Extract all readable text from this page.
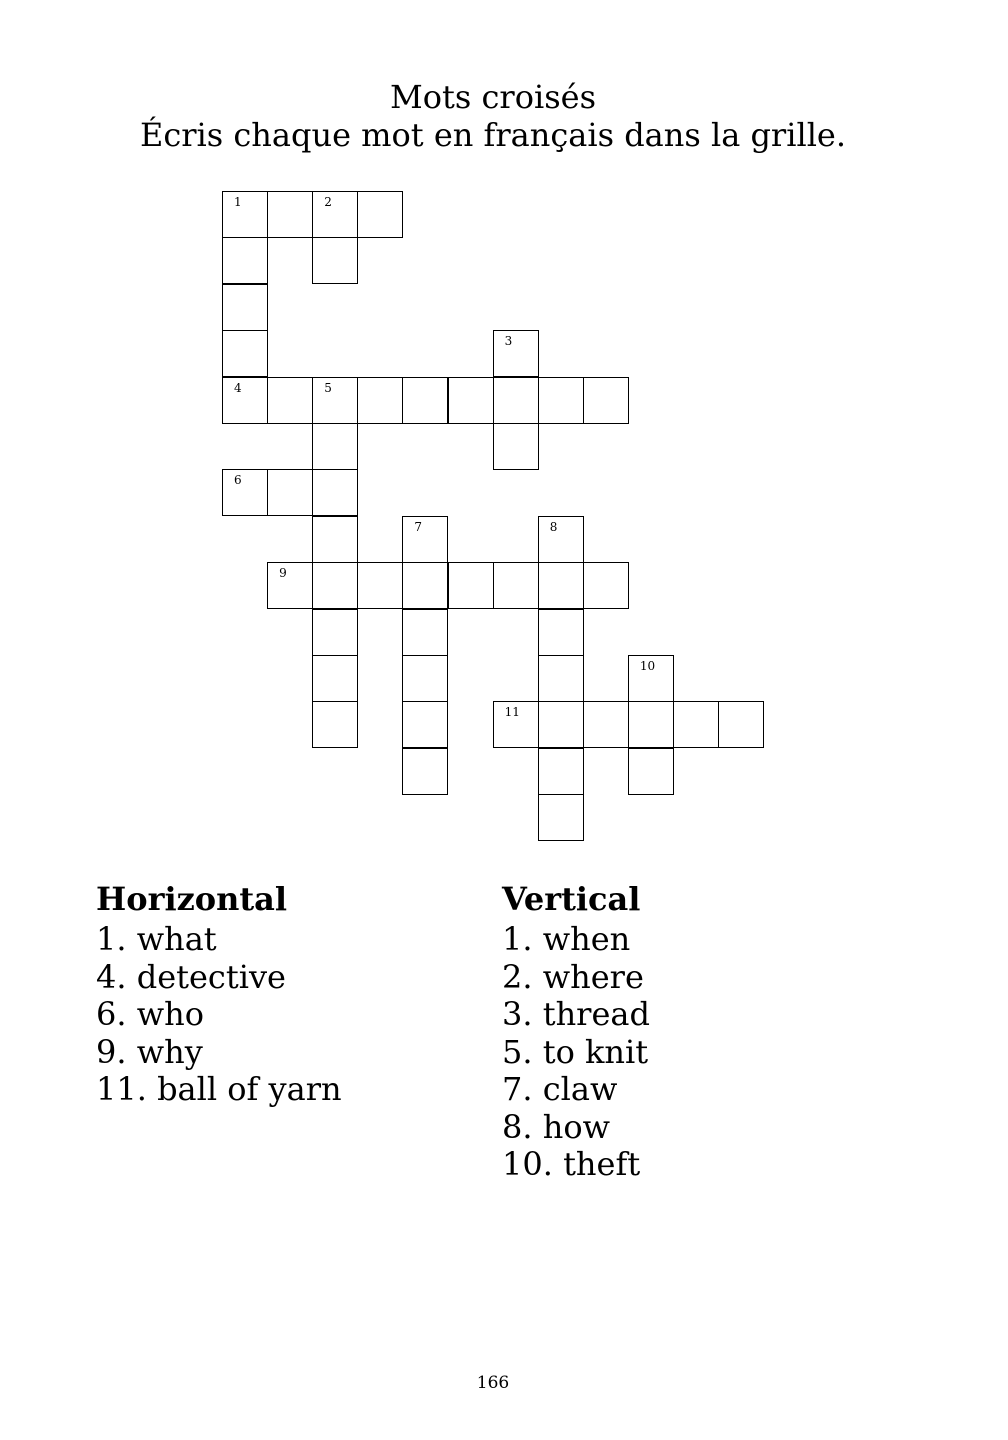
Mots croisés
Écris chaque mot en français dans la grille.
1	2
3
4	5
6
7	8
9
10
11
Horizontal
1. what
4. detective
6. who
9. why
11. ball of yarn
Vertical
1. when
2. where
3. thread
5. to knit
7. claw
8. how
10. theft
166
